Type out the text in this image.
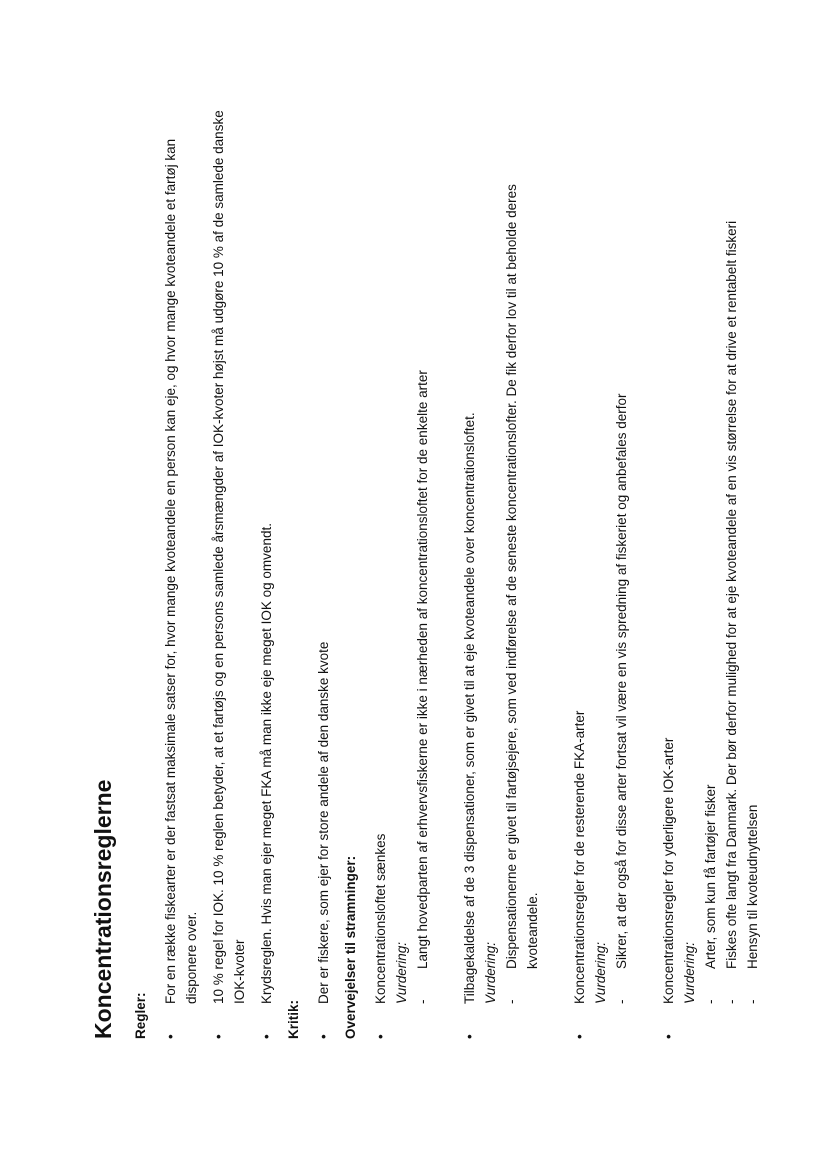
Koncentrationsreglerne Regler: •
For en række fiskearter er der fastsat maksimale satser for, hvor mange kvoteandele en person kan eje, og hvor mange kvoteandele et fartøj kan disponere over.
•
10 % regel for IOK. 10 % reglen betyder, at et fartøjs og en persons samlede årsmængder af IOK-kvoter højst må udgøre 10 % af de samlede danske IOK-kvoter
•
Krydsreglen. Hvis man ejer meget FKA må man ikke eje meget IOK og omvendt.
Kritik: •
Der er fiskere, som ejer for store andele af den danske kvote Overvejelser til stramninger: •
Koncentrationsloftet sænkes Vurdering: -
Langt hovedparten af erhvervsfiskerne er ikke i nærheden af koncentrationsloftet for de enkelte arter
•
Tilbagekaldelse af de 3 dispensationer, som er givet til at eje kvoteandele over koncentrationsloftet. Vurdering: -
Dispensationerne er givet til fartøjsejere, som ved indførelse af de seneste koncentrationslofter. De fik derfor lov til at beholde deres kvoteandele.
•
Koncentrationsregler for de resterende FKA-arter Vurdering: -
Sikrer, at der også for disse arter fortsat vil være en vis spredning af fiskeriet og anbefales derfor
•
Koncentrationsregler for yderligere IOK-arter Vurdering: -
Arter, som kun få fartøjer fisker
-
Fiskes ofte langt fra Danmark. Der bør derfor mulighed for at eje kvoteandele af en vis størrelse for at drive et rentabelt fiskeri
-
Hensyn til kvoteudnyttelsen
